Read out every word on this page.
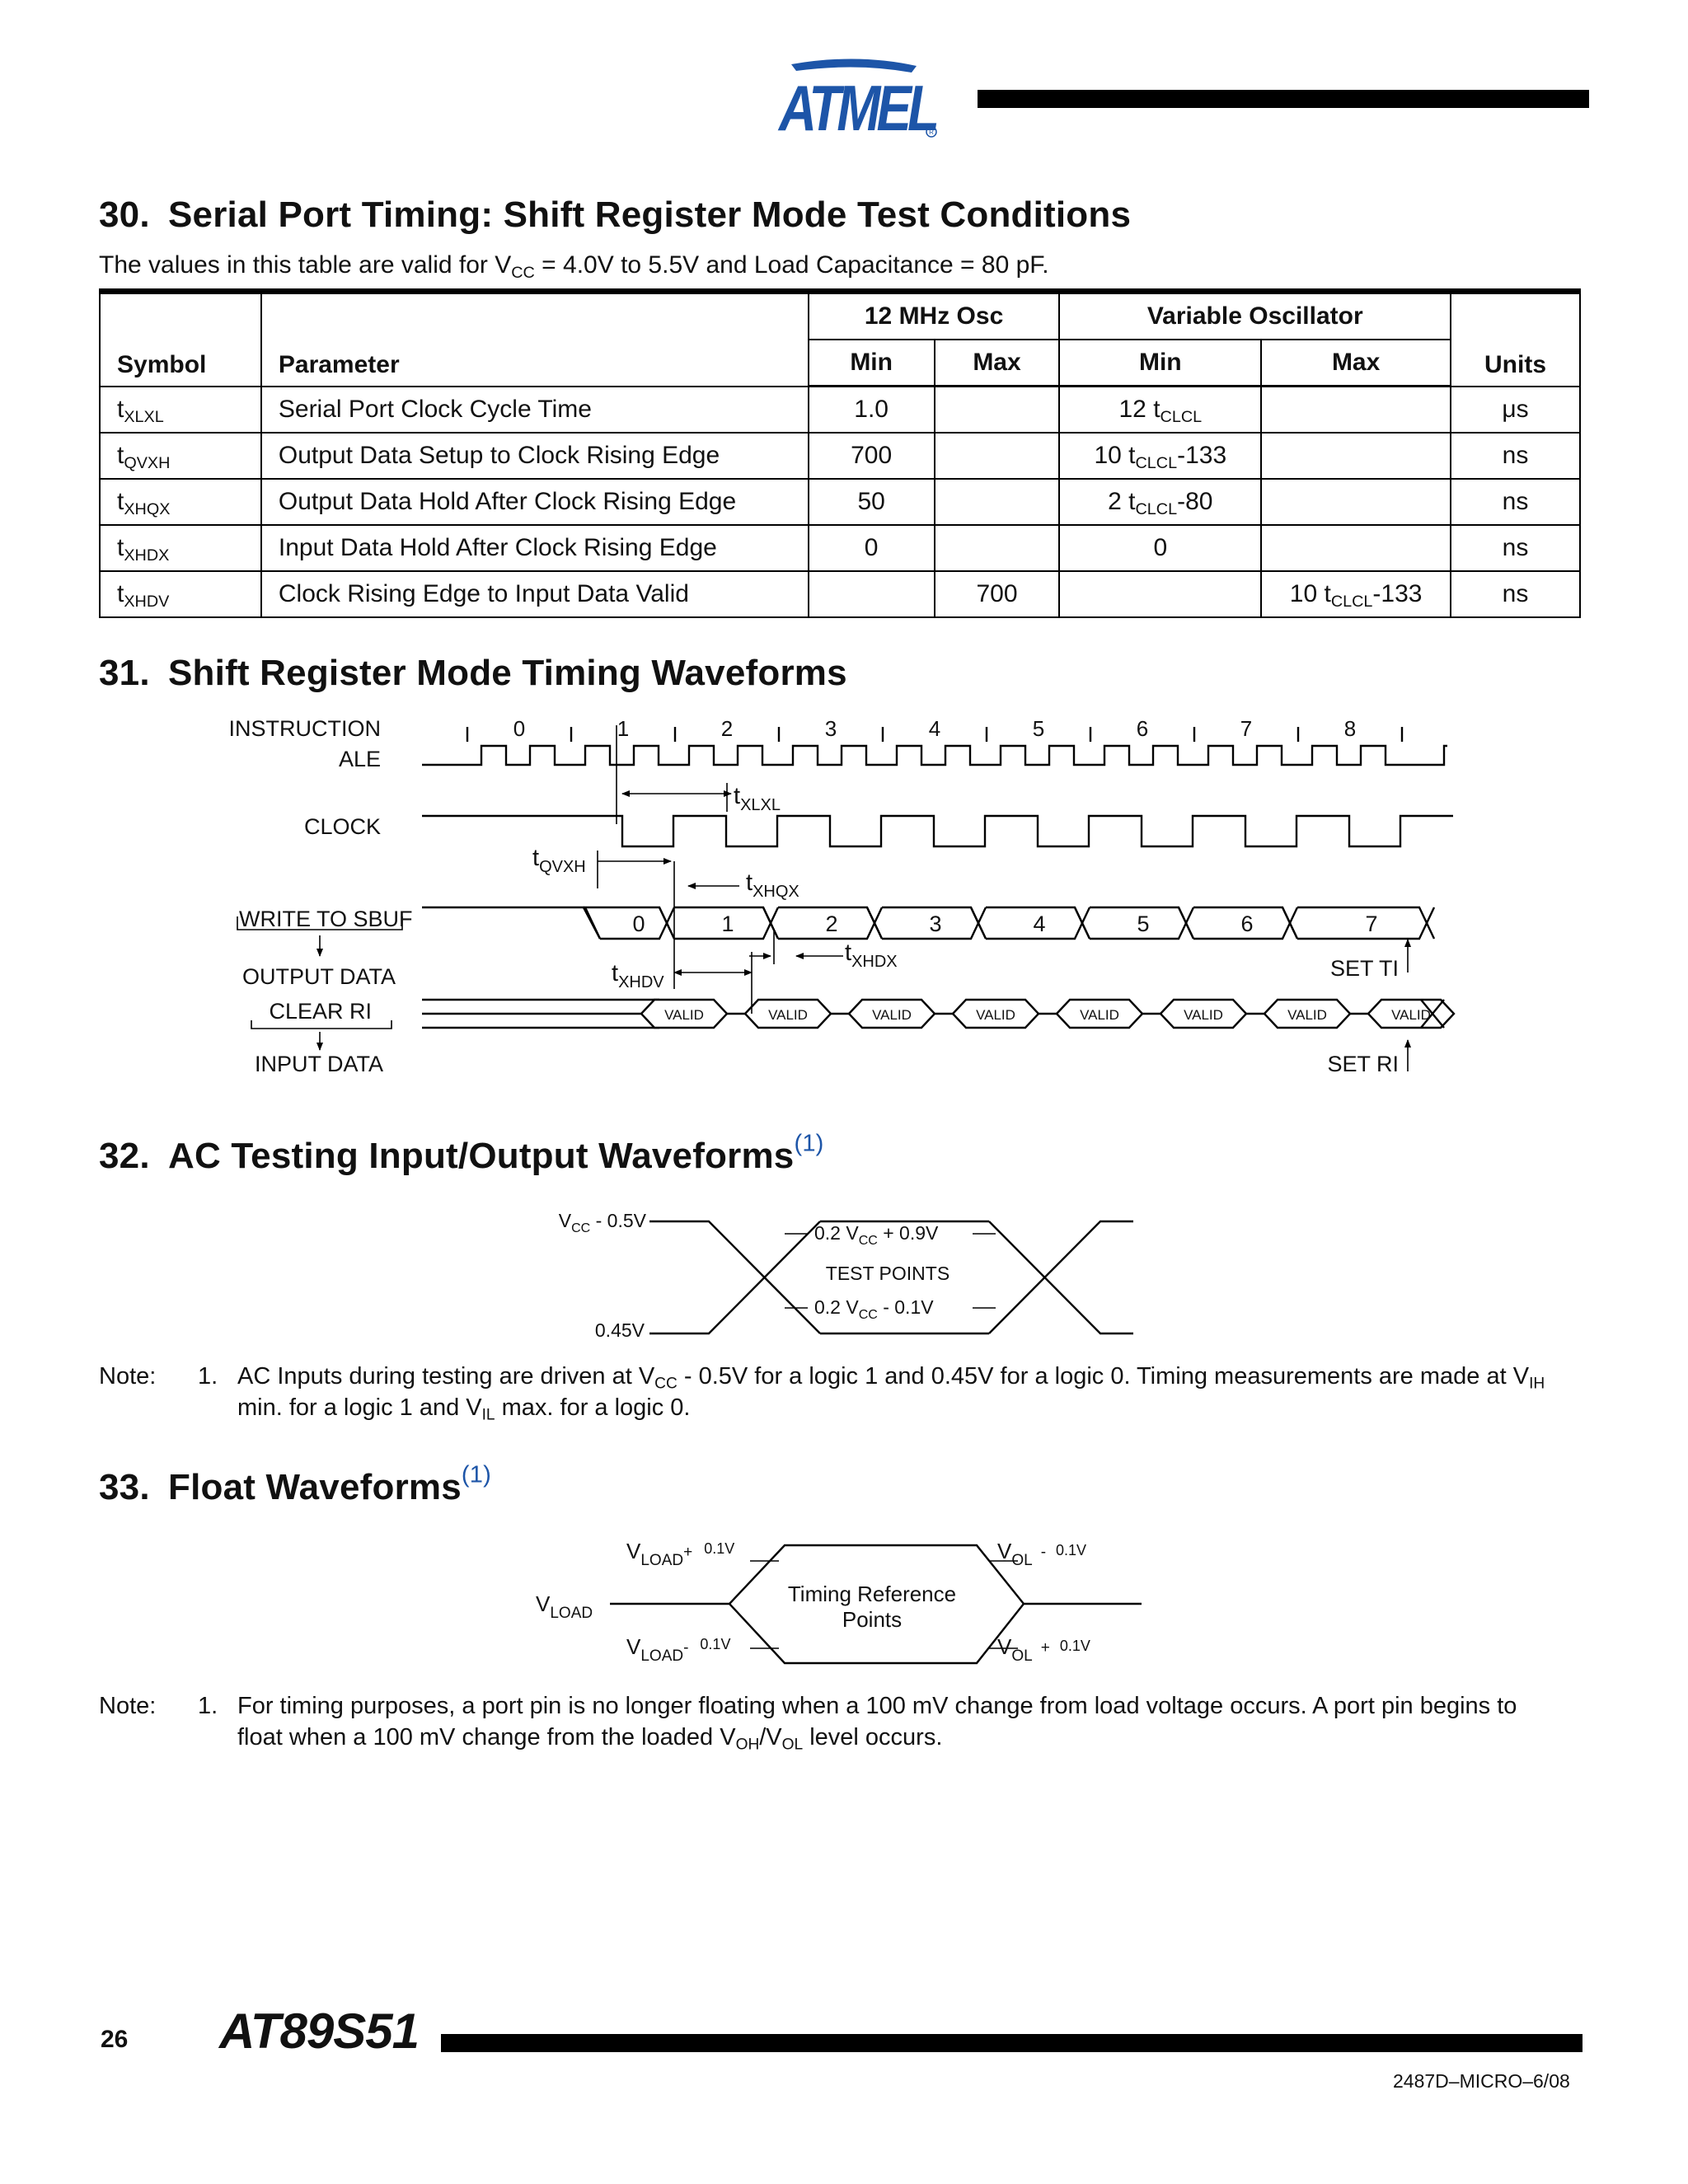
ATMEL
R
30. Serial Port Timing: Shift Register Mode Test Conditions
The values in this table are valid for $V_{CC} = 4.0V$ to 5.5V and Load Capacitance = 80 pF.
Symbol	Parameter	12 MHz Osc		Variable Oscillator		Units
		Min	Max	Min	Max	
$t_{XLXL}$	Serial Port Clock Cycle Time	1.0		12 $t_{CLCL}$		μs
$t_{QVXH}$	Output Data Setup to Clock Rising Edge	700		10 $t_{CLCL}-133$		ns
$t_{XHQX}$	Output Data Hold After Clock Rising Edge	50		2 $t_{CLCL}-80$		ns
$t_{XHDX}$	Input Data Hold After Clock Rising Edge	0		0		ns
$t_{XHDV}$	Clock Rising Edge to Input Data Valid		700		10 $t_{CLCL}-133$	ns
31. Shift Register Mode Timing Waveforms
INSTRUCTION
ALE
CLOCK
WRITE TO SBUF
OUTPUT DATA
CLEAR RI
INPUT DATA
0	1	2	3	4	5	6	7	8
0	1	2	3	4	5	6	7
VALID	VALID	VALID	VALID	VALID	VALID	VALID	VALID
$t_{XLXL}$
$t_{QVXH}$
$t_{XHQX}$
$t_{XHDX}$
$t_{XHDV}$
SET TI
SET RI
32. AC Testing Input/Output Waveforms$^{(1)}$
$V_{CC} - 0.5V$
0.45V
0.2 $V_{CC} + 0.9V$
TEST POINTS
0.2 $V_{CC} - 0.1V$
Note: 1. AC Inputs during testing are driven at $V_{CC} - 0.5V$ for a logic 1 and 0.45V for a logic 0. Timing measurements are made at $V_{IH}$
min. for a logic 1 and $V_{IL}$ max. for a logic 0.
33. Float Waveforms$^{(1)}$
$V_{LOAD}$
$V_{LOAD}^+$ 0.1V
$V_{LOAD}^-$ 0.1V
$V_{OL}$ - 0.1V
$V_{OL}$ + 0.1V
Timing Reference
Points
Note: 1. For timing purposes, a port pin is no longer floating when a 100 mV change from load voltage occurs. A port pin begins to
float when a 100 mV change from the loaded $V_{OH}/V_{OL}$ level occurs.
26 AT89S51
2487D–MICRO–6/08
